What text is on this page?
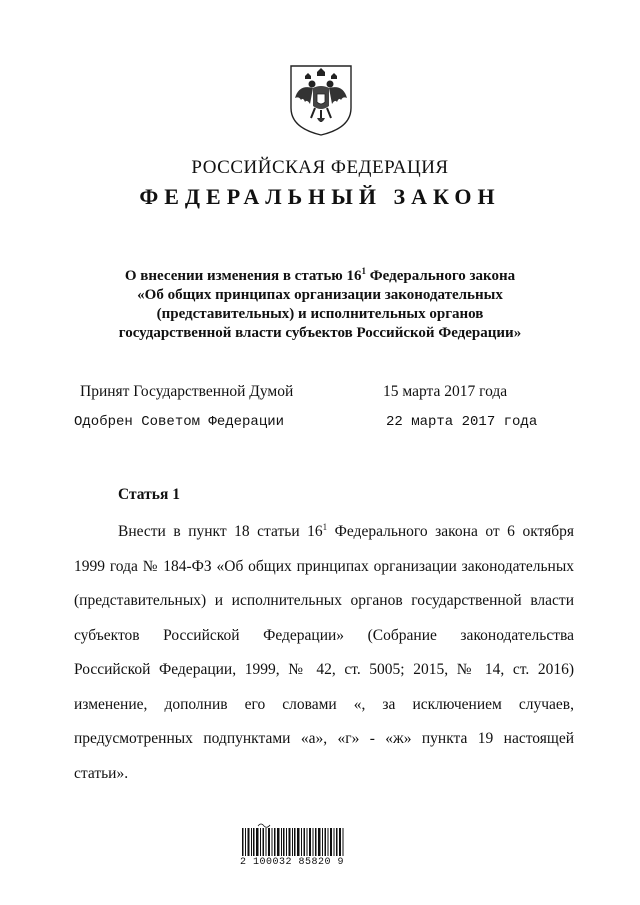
РОССИЙСКАЯ ФЕДЕРАЦИЯ
ФЕДЕРАЛЬНЫЙ ЗАКОН
О внесении изменения в статью $16^1$ Федерального закона
«Об общих принципах организации законодательных
(представительных) и исполнительных органов
государственной власти субъектов Российской Федерации»
Принят Государственной Думой	15 марта 2017 года
Одобрен Советом Федерации	22 марта 2017 года
Статья 1
Внести в пункт 18 статьи $16^1$ Федерального закона от 6 октября
1999 года № 184-ФЗ «Об общих принципах организации законодательных
(представительных) и исполнительных органов государственной власти
субъектов Российской Федерации» (Собрание законодательства
Российской Федерации, 1999, № 42, ст. 5005; 2015, № 14, ст. 2016)
изменение, дополнив его словами «, за исключением случаев,
предусмотренных подпунктами «а», «г» - «ж» пункта 19 настоящей
статьи».
2 100032 85820 9
